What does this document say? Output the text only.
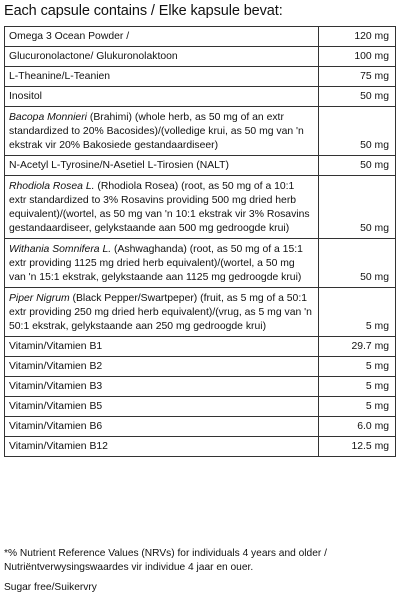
Each capsule contains / Elke kapsule bevat:
Omega 3 Ocean Powder /	120 mg
Glucuronolactone/ Glukuronolaktoon	100 mg
L-Theanine/L-Teanien	75 mg
Inositol	50 mg
Bacopa Monnieri (Brahimi) (whole herb, as 50 mg of an extr standardized to 20% Bacosides)/(volledige krui, as 50 mg van 'n ekstrak vir 20% Bakosiede gestandaardiseer)	50 mg
N-Acetyl L-Tyrosine/N-Asetiel L-Tirosien (NALT)	50 mg
Rhodiola Rosea L. (Rhodiola Rosea) (root, as 50 mg of a 10:1 extr standardized to 3% Rosavins providing 500 mg dried herb equivalent)/(wortel, as 50 mg van 'n 10:1 ekstrak vir 3% Rosavins gestandaardiseer, gelykstaande aan 500 mg gedroogde krui)	50 mg
Withania Somnifera L. (Ashwaghanda) (root, as 50 mg of a 15:1 extr providing 1125 mg dried herb equivalent)/(wortel, a 50 mg van 'n 15:1 ekstrak, gelykstaande aan 1125 mg gedroogde krui)	50 mg
Piper Nigrum (Black Pepper/Swartpeper) (fruit, as 5 mg of a 50:1 extr providing 250 mg dried herb equivalent)/(vrug, as 5 mg van 'n 50:1 ekstrak, gelykstaande aan 250 mg gedroogde krui)	5 mg
Vitamin/Vitamien B1	29.7 mg
Vitamin/Vitamien B2	5 mg
Vitamin/Vitamien B3	5 mg
Vitamin/Vitamien B5	5 mg
Vitamin/Vitamien B6	6.0 mg
Vitamin/Vitamien B12	12.5 mg
*% Nutrient Reference Values (NRVs) for individuals 4 years and older / Nutriëntverwysingswaardes vir individue 4 jaar en ouer.
Sugar free/Suikervry
